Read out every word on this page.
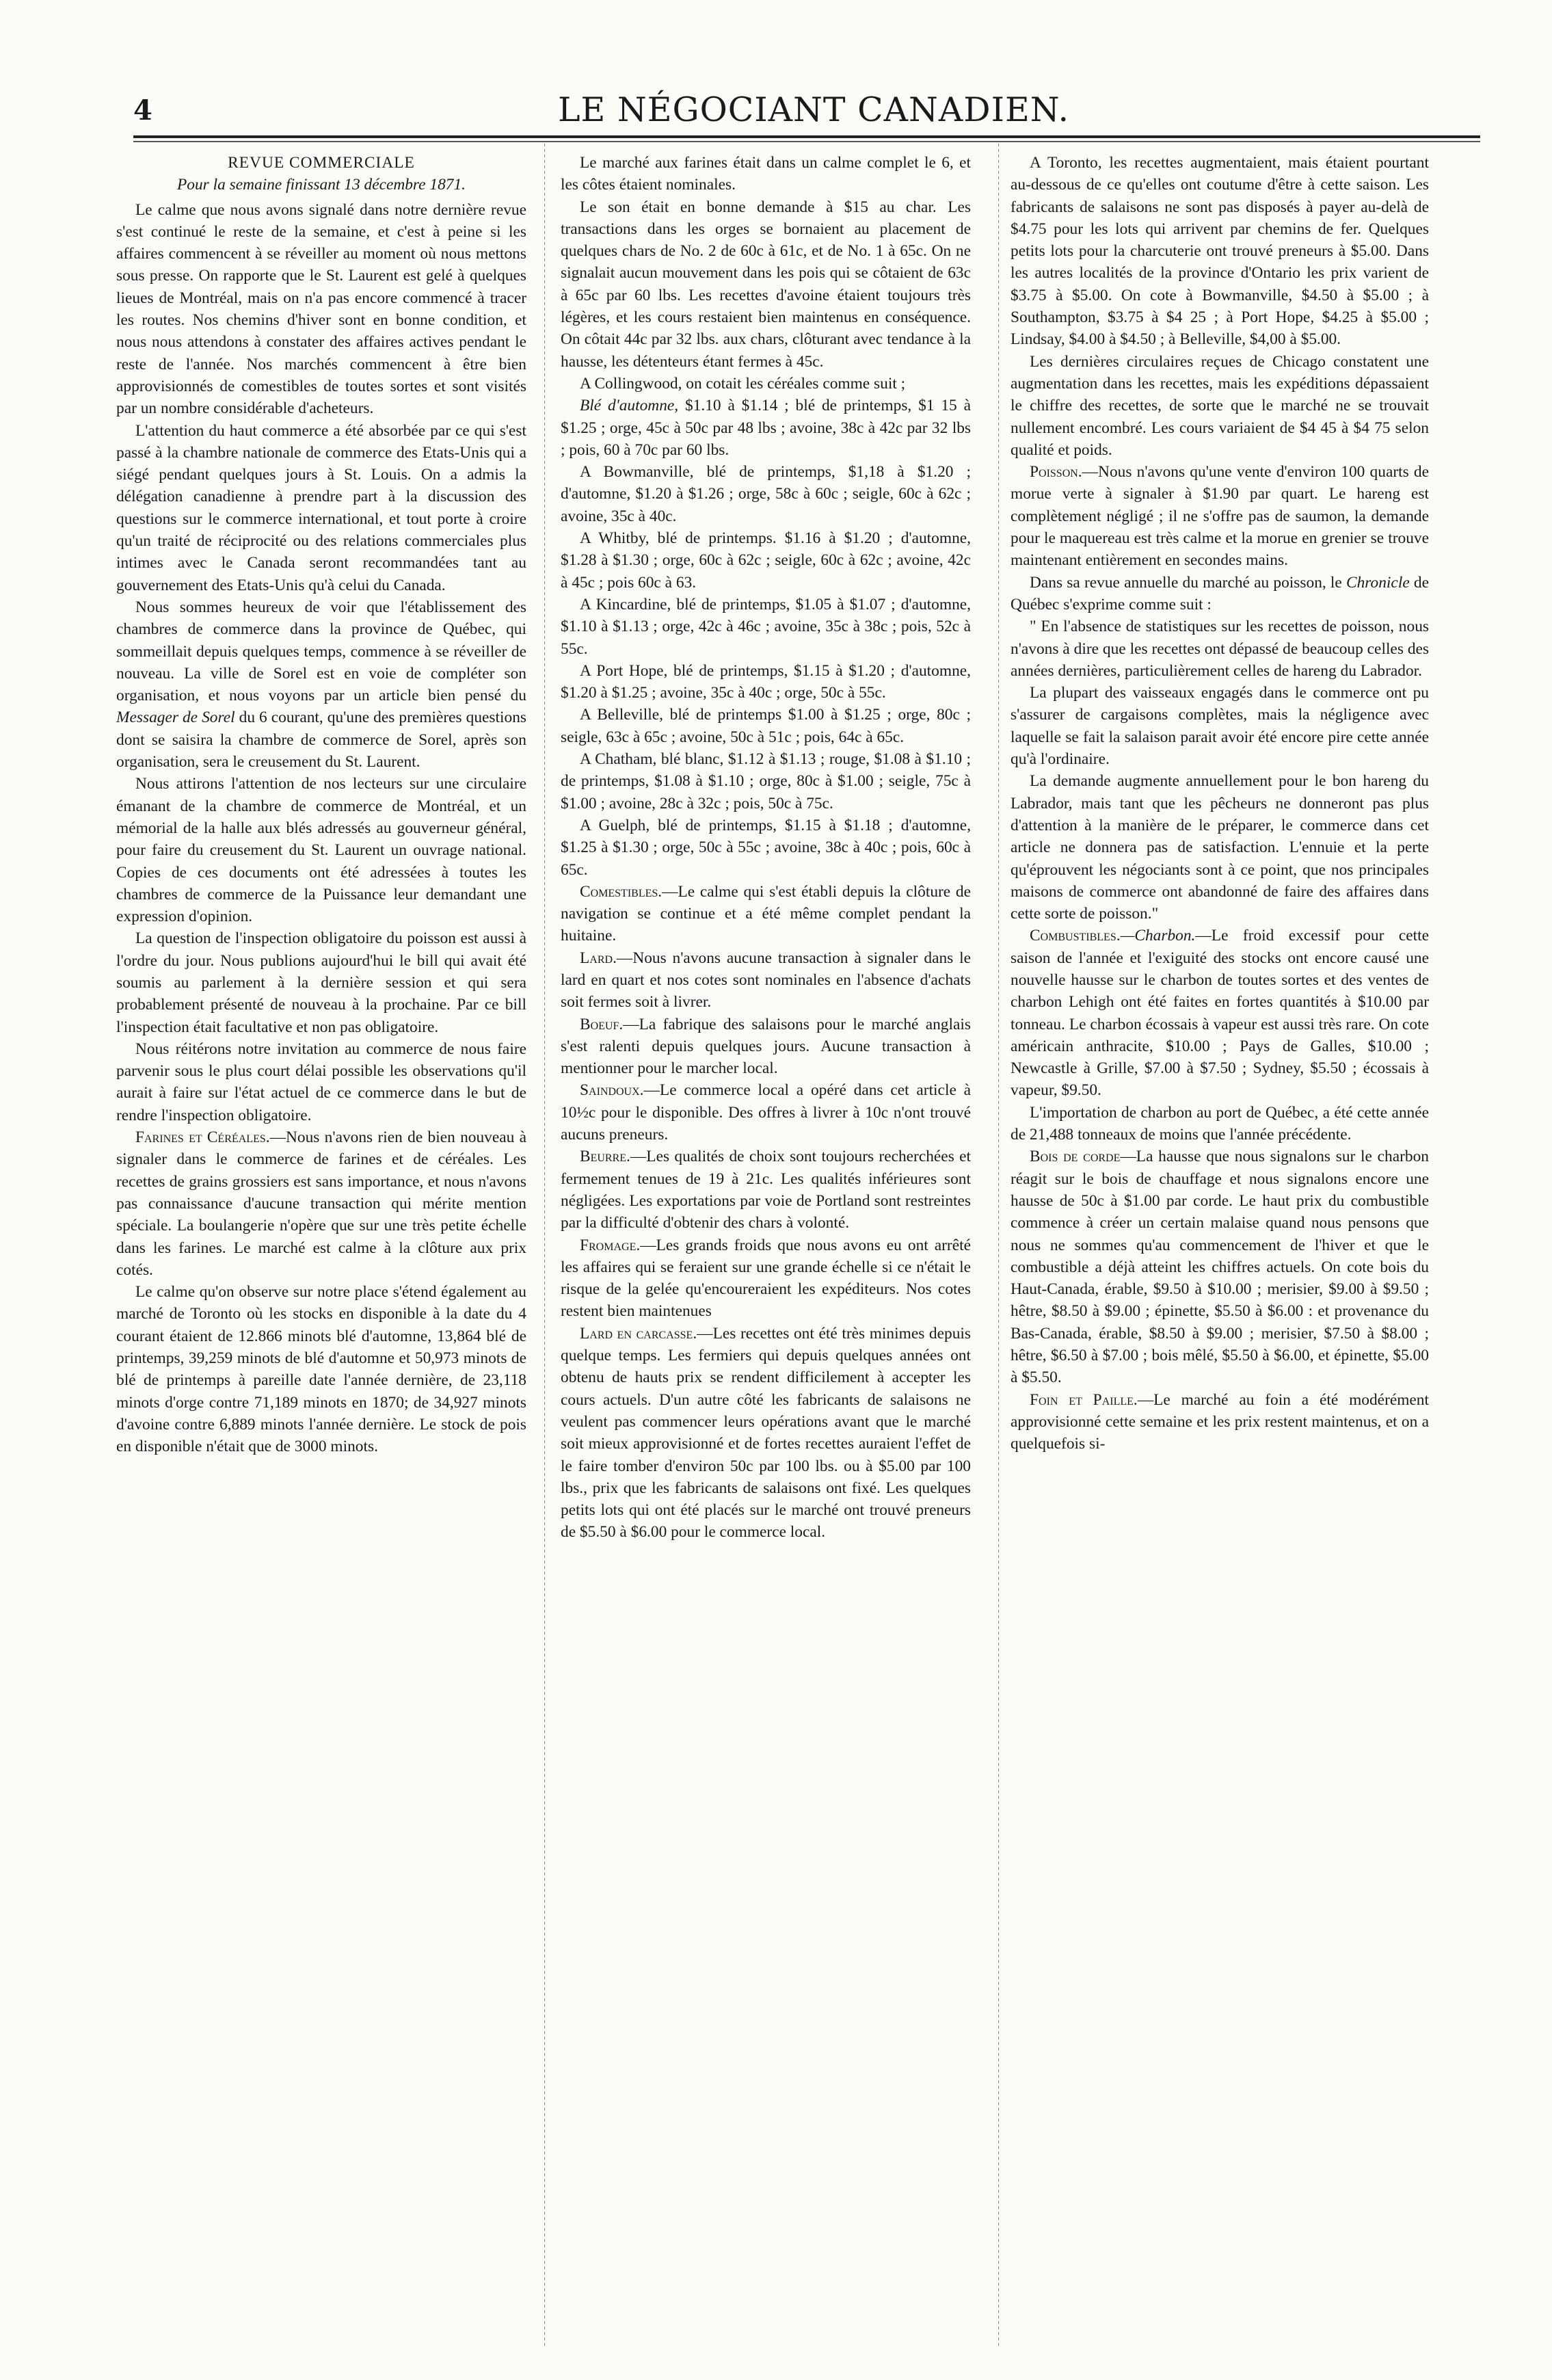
4	LE NÉGOCIANT CANADIEN.

REVUE COMMERCIALE

Pour la semaine finissant 13 décembre 1871.

Le calme que nous avons signalé dans notre dernière revue s'est continué le reste de la semaine, et c'est à peine si les affaires commencent à se réveiller au moment où nous mettons sous presse. On rapporte que le St. Laurent est gelé à quelques lieues de Montréal, mais on n'a pas encore commencé à tracer les routes. Nos chemins d'hiver sont en bonne condition, et nous nous attendons à constater des affaires actives pendant le reste de l'année. Nos marchés commencent à être bien approvisionnés de comestibles de toutes sortes et sont visités par un nombre considérable d'acheteurs.

L'attention du haut commerce a été absorbée par ce qui s'est passé à la chambre nationale de commerce des Etats-Unis qui a siégé pendant quelques jours à St. Louis. On a admis la délégation canadienne à prendre part à la discussion des questions sur le commerce international, et tout porte à croire qu'un traité de réciprocité ou des relations commerciales plus intimes avec le Canada seront recommandées tant au gouvernement des Etats-Unis qu'à celui du Canada.

Nous sommes heureux de voir que l'établissement des chambres de commerce dans la province de Québec, qui sommeillait depuis quelques temps, commence à se réveiller de nouveau. La ville de Sorel est en voie de compléter son organisation, et nous voyons par un article bien pensé du Messager de Sorel du 6 courant, qu'une des premières questions dont se saisira la chambre de commerce de Sorel, après son organisation, sera le creusement du St. Laurent.

Nous attirons l'attention de nos lecteurs sur une circulaire émanant de la chambre de commerce de Montréal, et un mémorial de la halle aux blés adressés au gouverneur général, pour faire du creusement du St. Laurent un ouvrage national. Copies de ces documents ont été adressées à toutes les chambres de commerce de la Puissance leur demandant une expression d'opinion.

La question de l'inspection obligatoire du poisson est aussi à l'ordre du jour. Nous publions aujourd'hui le bill qui avait été soumis au parlement à la dernière session et qui sera probablement présenté de nouveau à la prochaine. Par ce bill l'inspection était facultative et non pas obligatoire.

Nous réitérons notre invitation au commerce de nous faire parvenir sous le plus court délai possible les observations qu'il aurait à faire sur l'état actuel de ce commerce dans le but de rendre l'inspection obligatoire.

Farines et Céréales.—Nous n'avons rien de bien nouveau à signaler dans le commerce de farines et de céréales. Les recettes de grains grossiers est sans importance, et nous n'avons pas connaissance d'aucune transaction qui mérite mention spéciale. La boulangerie n'opère que sur une très petite échelle dans les farines. Le marché est calme à la clôture aux prix cotés.

Le calme qu'on observe sur notre place s'étend également au marché de Toronto où les stocks en disponible à la date du 4 courant étaient de 12.866 minots blé d'automne, 13,864 blé de printemps, 39,259 minots de blé d'automne et 50,973 minots de blé de printemps à pareille date l'année dernière, de 23,118 minots d'orge contre 71,189 minots en 1870; de 34,927 minots d'avoine contre 6,889 minots l'année dernière. Le stock de pois en disponible n'était que de 3000 minots.

Le marché aux farines était dans un calme complet le 6, et les côtes étaient nominales.

Le son était en bonne demande à $15 au char. Les transactions dans les orges se bornaient au placement de quelques chars de No. 2 de 60c à 61c, et de No. 1 à 65c. On ne signalait aucun mouvement dans les pois qui se côtaient de 63c à 65c par 60 lbs. Les recettes d'avoine étaient toujours très légères, et les cours restaient bien maintenus en conséquence. On côtait 44c par 32 lbs. aux chars, clôturant avec tendance à la hausse, les détenteurs étant fermes à 45c.

A Collingwood, on cotait les céréales comme suit ;

Blé d'automne, $1.10 à $1.14 ; blé de printemps, $1 15 à $1.25 ; orge, 45c à 50c par 48 lbs ; avoine, 38c à 42c par 32 lbs ; pois, 60 à 70c par 60 lbs.

A Bowmanville, blé de printemps, $1,18 à $1.20 ; d'automne, $1.20 à $1.26 ; orge, 58c à 60c ; seigle, 60c à 62c ; avoine, 35c à 40c.

A Whitby, blé de printemps. $1.16 à $1.20 ; d'automne, $1.28 à $1.30 ; orge, 60c à 62c ; seigle, 60c à 62c ; avoine, 42c à 45c ; pois 60c à 63.

A Kincardine, blé de printemps, $1.05 à $1.07 ; d'automne, $1.10 à $1.13 ; orge, 42c à 46c ; avoine, 35c à 38c ; pois, 52c à 55c.

A Port Hope, blé de printemps, $1.15 à $1.20 ; d'automne, $1.20 à $1.25 ; avoine, 35c à 40c ; orge, 50c à 55c.

A Belleville, blé de printemps $1.00 à $1.25 ; orge, 80c ; seigle, 63c à 65c ; avoine, 50c à 51c ; pois, 64c à 65c.

A Chatham, blé blanc, $1.12 à $1.13 ; rouge, $1.08 à $1.10 ; de printemps, $1.08 à $1.10 ; orge, 80c à $1.00 ; seigle, 75c à $1.00 ; avoine, 28c à 32c ; pois, 50c à 75c.

A Guelph, blé de printemps, $1.15 à $1.18 ; d'automne, $1.25 à $1.30 ; orge, 50c à 55c ; avoine, 38c à 40c ; pois, 60c à 65c.

Comestibles.—Le calme qui s'est établi depuis la clôture de navigation se continue et a été même complet pendant la huitaine.

Lard.—Nous n'avons aucune transaction à signaler dans le lard en quart et nos cotes sont nominales en l'absence d'achats soit fermes soit à livrer.

Boeuf.—La fabrique des salaisons pour le marché anglais s'est ralenti depuis quelques jours. Aucune transaction à mentionner pour le marcher local.

Saindoux.—Le commerce local a opéré dans cet article à 10½c pour le disponible. Des offres à livrer à 10c n'ont trouvé aucuns preneurs.

Beurre.—Les qualités de choix sont toujours recherchées et fermement tenues de 19 à 21c. Les qualités inférieures sont négligées. Les exportations par voie de Portland sont restreintes par la difficulté d'obtenir des chars à volonté.

Fromage.—Les grands froids que nous avons eu ont arrêté les affaires qui se feraient sur une grande échelle si ce n'était le risque de la gelée qu'encoureraient les expéditeurs. Nos cotes restent bien maintenues

Lard en carcasse.—Les recettes ont été très minimes depuis quelque temps. Les fermiers qui depuis quelques années ont obtenu de hauts prix se rendent difficilement à accepter les cours actuels. D'un autre côté les fabricants de salaisons ne veulent pas commencer leurs opérations avant que le marché soit mieux approvisionné et de fortes recettes auraient l'effet de le faire tomber d'environ 50c par 100 lbs. ou à $5.00 par 100 lbs., prix que les fabricants de salaisons ont fixé. Les quelques petits lots qui ont été placés sur le marché ont trouvé preneurs de $5.50 à $6.00 pour le commerce local.

A Toronto, les recettes augmentaient, mais étaient pourtant au-dessous de ce qu'elles ont coutume d'être à cette saison. Les fabricants de salaisons ne sont pas disposés à payer au-delà de $4.75 pour les lots qui arrivent par chemins de fer. Quelques petits lots pour la charcuterie ont trouvé preneurs à $5.00. Dans les autres localités de la province d'Ontario les prix varient de $3.75 à $5.00. On cote à Bowmanville, $4.50 à $5.00 ; à Southampton, $3.75 à $4 25 ; à Port Hope, $4.25 à $5.00 ; Lindsay, $4.00 à $4.50 ; à Belleville, $4,00 à $5.00.

Les dernières circulaires reçues de Chicago constatent une augmentation dans les recettes, mais les expéditions dépassaient le chiffre des recettes, de sorte que le marché ne se trouvait nullement encombré. Les cours variaient de $4 45 à $4 75 selon qualité et poids.

Poisson.—Nous n'avons qu'une vente d'environ 100 quarts de morue verte à signaler à $1.90 par quart. Le hareng est complètement négligé ; il ne s'offre pas de saumon, la demande pour le maquereau est très calme et la morue en grenier se trouve maintenant entièrement en secondes mains.

Dans sa revue annuelle du marché au poisson, le Chronicle de Québec s'exprime comme suit :

" En l'absence de statistiques sur les recettes de poisson, nous n'avons à dire que les recettes ont dépassé de beaucoup celles des années dernières, particulièrement celles de hareng du Labrador.

La plupart des vaisseaux engagés dans le commerce ont pu s'assurer de cargaisons complètes, mais la négligence avec laquelle se fait la salaison parait avoir été encore pire cette année qu'à l'ordinaire.

La demande augmente annuellement pour le bon hareng du Labrador, mais tant que les pêcheurs ne donneront pas plus d'attention à la manière de le préparer, le commerce dans cet article ne donnera pas de satisfaction. L'ennuie et la perte qu'éprouvent les négociants sont à ce point, que nos principales maisons de commerce ont abandonné de faire des affaires dans cette sorte de poisson."

Combustibles.—Charbon.—Le froid excessif pour cette saison de l'année et l'exiguité des stocks ont encore causé une nouvelle hausse sur le charbon de toutes sortes et des ventes de charbon Lehigh ont été faites en fortes quantités à $10.00 par tonneau. Le charbon écossais à vapeur est aussi très rare. On cote américain anthracite, $10.00 ; Pays de Galles, $10.00 ; Newcastle à Grille, $7.00 à $7.50 ; Sydney, $5.50 ; écossais à vapeur, $9.50.

L'importation de charbon au port de Québec, a été cette année de 21,488 tonneaux de moins que l'année précédente.

Bois de corde—La hausse que nous signalons sur le charbon réagit sur le bois de chauffage et nous signalons encore une hausse de 50c à $1.00 par corde. Le haut prix du combustible commence à créer un certain malaise quand nous pensons que nous ne sommes qu'au commencement de l'hiver et que le combustible a déjà atteint les chiffres actuels. On cote bois du Haut-Canada, érable, $9.50 à $10.00 ; merisier, $9.00 à $9.50 ; hêtre, $8.50 à $9.00 ; épinette, $5.50 à $6.00 : et provenance du Bas-Canada, érable, $8.50 à $9.00 ; merisier, $7.50 à $8.00 ; hêtre, $6.50 à $7.00 ; bois mêlé, $5.50 à $6.00, et épinette, $5.00 à $5.50.

Foin et Paille.—Le marché au foin a été modérément approvisionné cette semaine et les prix restent maintenus, et on a quelquefois si-
